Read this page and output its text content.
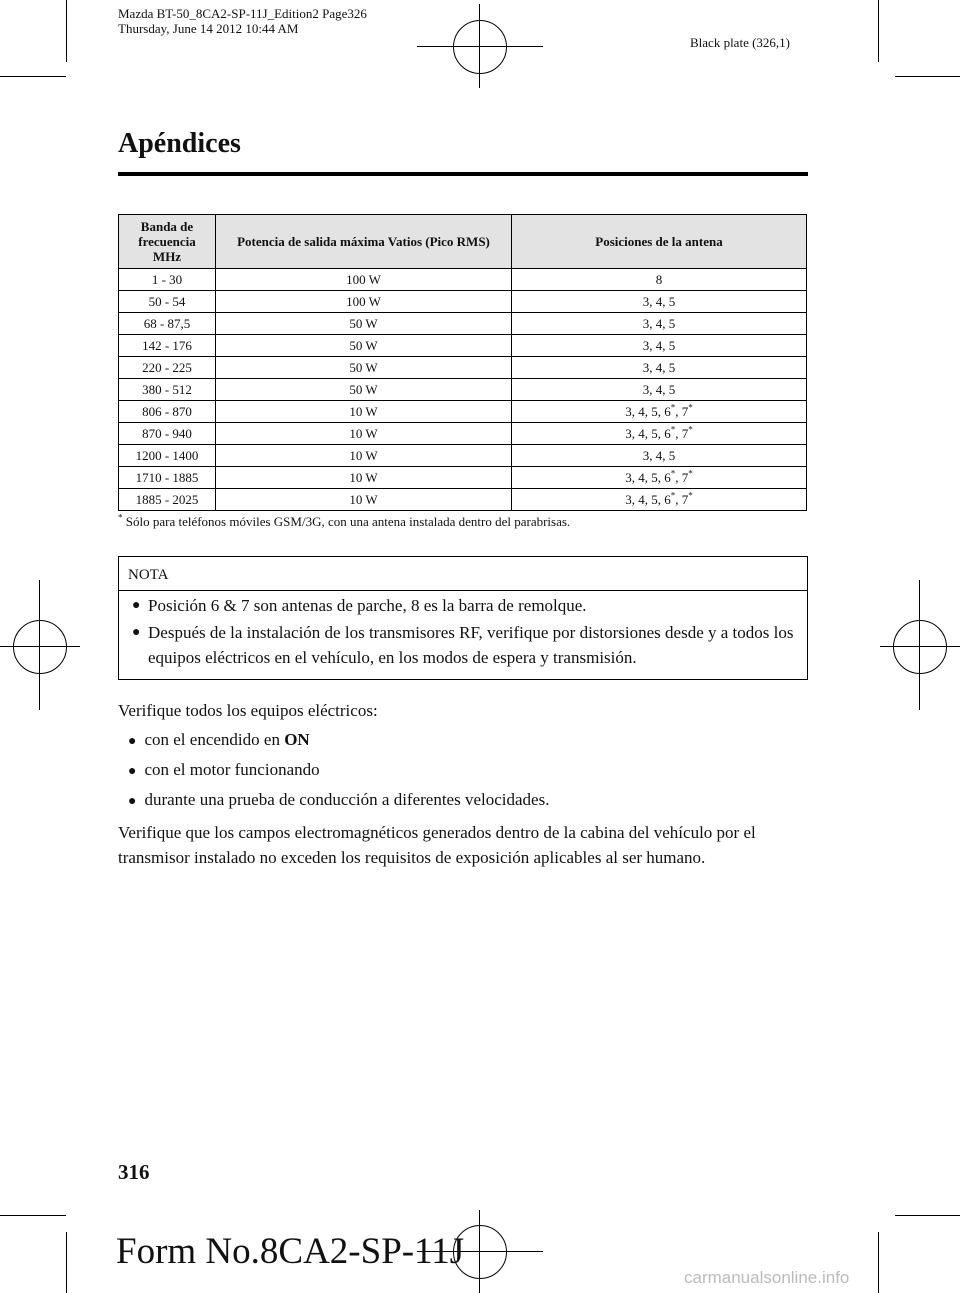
Mazda BT-50_8CA2-SP-11J_Edition2 Page326
Thursday, June 14 2012 10:44 AM
Black plate (326,1)
Apéndices
Banda de frecuencia MHz	Potencia de salida máxima Vatios (Pico RMS)	Posiciones de la antena
1 - 30	100 W	8
50 - 54	100 W	3, 4, 5
68 - 87,5	50 W	3, 4, 5
142 - 176	50 W	3, 4, 5
220 - 225	50 W	3, 4, 5
380 - 512	50 W	3, 4, 5
806 - 870	10 W	3, 4, 5, 6*, 7*
870 - 940	10 W	3, 4, 5, 6*, 7*
1200 - 1400	10 W	3, 4, 5
1710 - 1885	10 W	3, 4, 5, 6*, 7*
1885 - 2025	10 W	3, 4, 5, 6*, 7*
* Sólo para teléfonos móviles GSM/3G, con una antena instalada dentro del parabrisas.
NOTA
● Posición 6 & 7 son antenas de parche, 8 es la barra de remolque.
● Después de la instalación de los transmisores RF, verifique por distorsiones desde y a todos los equipos eléctricos en el vehículo, en los modos de espera y transmisión.
Verifique todos los equipos eléctricos:
● con el encendido en ON
● con el motor funcionando
● durante una prueba de conducción a diferentes velocidades.
Verifique que los campos electromagnéticos generados dentro de la cabina del vehículo por el transmisor instalado no exceden los requisitos de exposición aplicables al ser humano.
316
Form No.8CA2-SP-11J
carmanualsonline.info
